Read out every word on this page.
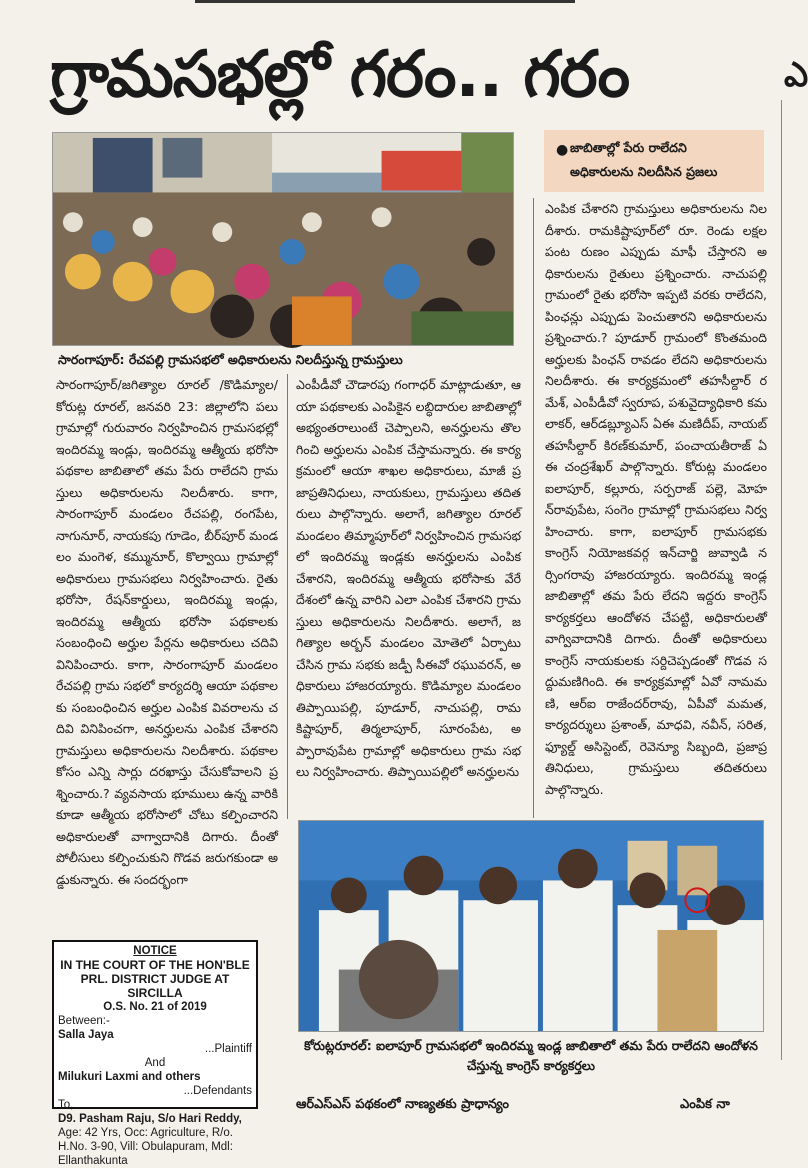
గ్రామసభల్లో గరం.. గరం
సారంగాపూర్‌: రేచపల్లి గ్రామసభలో అధికారులను నిలదీస్తున్న గ్రామస్తులు
● జాబితాల్లో పేరు రాలేదని అధికారులను నిలదీసిన ప్రజలు
సారంగాపూర్‌/జగిత్యాల రూరల్‌ /కొడిమ్యాల/ కోరుట్ల రూరల్‌, జనవరి 23: జిల్లాలోని పలు గ్రామాల్లో గురువారం నిర్వహించిన గ్రామసభల్లో ఇందిరమ్మ ఇండ్లు, ఇందిరమ్మ ఆత్మీయ భరోసా పథకాల జాబితాలో తమ పేరు రాలేదని గ్రామస్తులు అధికారులను నిలదీశారు. కాగా, సారంగాపూర్‌ మండలం రేచపల్లి, రంగపేట, నాగునూర్‌, నాయకపు గూడెం, బీర్‌పూర్‌ మండలం మంగెళ, కమ్మునూర్‌, కొల్వాయి గ్రామాల్లో అధికారులు గ్రామసభలు నిర్వహించారు. రైతు భరోసా, రేషన్‌కార్డులు, ఇందిరమ్మ ఇండ్లు, ఇందిరమ్మ ఆత్మీయ భరోసా పథకాలకు సంబంధించి అర్హుల పేర్లను అధికారులు చదివి వినిపించారు. కాగా, సారంగాపూర్‌ మండలం రేచపల్లి గ్రామ సభలో కార్యదర్శి ఆయా పథకాలకు సంబంధించిన అర్హుల ఎంపిక వివరాలను చదివి వినిపించగా, అనర్హులను ఎంపిక చేశారని గ్రామస్తులు అధికారులను నిలదీశారు. పథకాల కోసం ఎన్ని సార్లు దరఖాస్తు చేసుకోవాలని ప్రశ్నించారు.? వ్యవసాయ భూములు ఉన్న వారికి కూడా ఆత్మీయ భరోసాలో చోటు కల్పించారని అధికారులతో వాగ్వాదానికి దిగారు. దీంతో పోలీసులు కల్పించుకుని గొడవ జరుగకుండా అడ్డుకున్నారు. ఈ సందర్భంగా
ఎంపీడీవో చౌడారపు గంగాధర్‌ మాట్లాడుతూ, ఆయా పథకాలకు ఎంపికైన లబ్ధిదారుల జాబితాల్లో అభ్యంతరాలుంటే చెప్పాలని, అనర్హులను తొలగించి అర్హులను ఎంపిక చేస్తామన్నారు. ఈ కార్యక్రమంలో ఆయా శాఖల అధికారులు, మాజీ ప్రజాప్రతినిధులు, నాయకులు, గ్రామస్తులు తదితరులు పాల్గొన్నారు. అలాగే, జగిత్యాల రూరల్‌ మండలం తిమ్మాపూర్‌లో నిర్వహించిన గ్రామసభలో ఇందిరమ్మ ఇండ్లకు అనర్హులను ఎంపిక చేశారని, ఇందిరమ్మ ఆత్మీయ భరోసాకు వేరే దేశంలో ఉన్న వారిని ఎలా ఎంపిక చేశారని గ్రామస్తులు అధికారులను నిలదీశారు. అలాగే, జగిత్యాల అర్బన్‌ మండలం మోతెలో ఏర్పాటు చేసిన గ్రామ సభకు జడ్పీ సీఈవో రఘువరన్‌, అధికారులు హాజరయ్యారు. కొడిమ్యాల మండలం తిప్పాయిపల్లి, పూడూర్‌, నాచుపల్లి, రామకిష్టాపూర్‌, తిర్మలాపూర్‌, సూరంపేట, అప్పారావుపేట గ్రామాల్లో అధికారులు గ్రామ సభలు నిర్వహించారు. తిప్పాయిపల్లిలో అనర్హులను
ఎంపిక చేశారని గ్రామస్తులు అధికారులను నిలదీశారు. రామకిష్టాపూర్‌లో రూ. రెండు లక్షల పంట రుణం ఎప్పుడు మాఫీ చేస్తారని అధికారులను రైతులు ప్రశ్నించారు. నాచుపల్లి గ్రామంలో రైతు భరోసా ఇప్పటి వరకు రాలేదని, పింఛన్లు ఎప్పుడు పెంచుతారని అధికారులను ప్రశ్నించారు.? పూడూర్‌ గ్రామంలో కొంతమంది అర్హులకు పింఛన్‌ రావడం లేదని అధికారులను నిలదీశారు. ఈ కార్యక్రమంలో తహసీల్దార్‌ రమేశ్‌, ఎంపీడీవో స్వరూప, పశువైద్యాధికారి కమలాకర్‌, ఆర్‌డబ్ల్యూఎస్‌ ఏఈ మణిదీప్‌, నాయబ్‌ తహసీల్దార్‌ కిరణ్‌కుమార్‌, పంచాయతీరాజ్‌ ఏఈ చంద్రశేఖర్‌ పాల్గొన్నారు. కోరుట్ల మండలం ఐలాపూర్‌, కల్లూరు, సర్పరాజ్‌ పల్లె, మోహన్‌రావుపేట, సంగెం గ్రామాల్లో గ్రామసభలు నిర్వహించారు. కాగా, ఐలాపూర్‌ గ్రామసభకు కాంగ్రెస్‌ నియోజకవర్గ ఇన్‌చార్జి జువ్వాడి నర్సింగరావు హాజరయ్యారు. ఇందిరమ్మ ఇండ్ల జాబితాల్లో తమ పేరు లేదని ఇద్దరు కాంగ్రెస్‌ కార్యకర్తలు ఆందోళన చేపట్టి, అధికారులతో వాగ్వివాదానికి దిగారు. దీంతో అధికారులు కాంగ్రెస్‌ నాయకులకు సర్దిచెప్పడంతో గొడవ సద్దుమణిగింది. ఈ కార్యక్రమాల్లో ఏవో నామమణి, ఆర్‌ఐ రాజేందర్‌రావు, ఏపీవో మమత, కార్యదర్శులు ప్రశాంత్‌, మాధవి, నవీన్‌, సరిత, ఫ్యూల్డ్‌ అసిస్టెంట్‌, రెవెన్యూ సిబ్బంది, ప్రజాప్రతినిధులు, గ్రామస్తులు తదితరులు పాల్గొన్నారు.
కోరుట్లరూరల్‌: ఐలాపూర్‌ గ్రామసభలో ఇందిరమ్మ ఇండ్ల జాబితాలో తమ పేరు రాలేదని ఆందోళన చేస్తున్న కాంగ్రెస్‌ కార్యకర్తలు
NOTICE
IN THE COURT OF THE HON'BLE PRL. DISTRICT JUDGE AT SIRCILLA
O.S. No. 21 of 2019
Between:-
Salla Jaya
...Plaintiff
And
Milukuri Laxmi and others
...Defendants
To,
D9. Pasham Raju, S/o Hari Reddy,
Age: 42 Yrs, Occ: Agriculture, R/o. H.No. 3-90, Vill: Obulapuram, Mdl: Ellanthakunta
ఆర్‌ఎస్‌ఎస్‌ పథకంలో నాణ్యతకు ప్రాధాన్యం	ఎంపిక నా
ఎ
